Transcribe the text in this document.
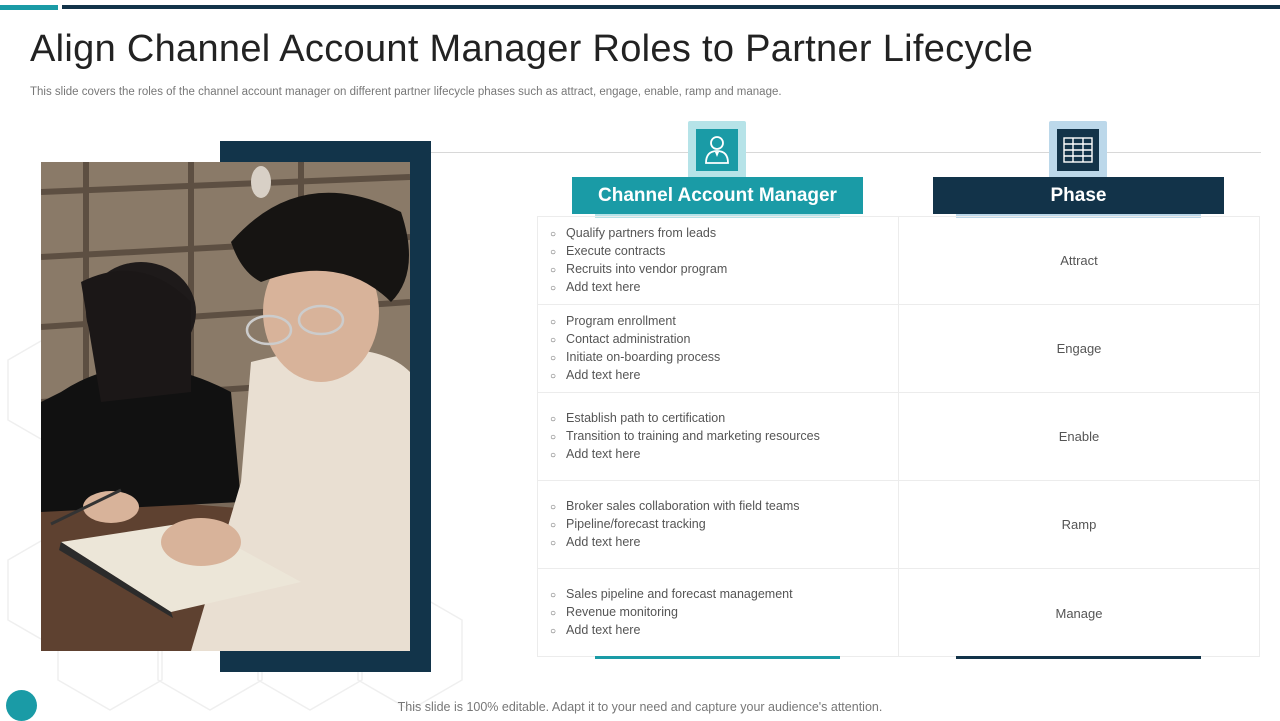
Align Channel Account Manager Roles to Partner Lifecycle
This slide covers the roles of the channel account manager on different partner lifecycle phases such as attract, engage, enable, ramp and manage.
Channel Account Manager	Phase
○ Qualify partners from leads
○ Execute contracts
○ Recruits into vendor program
○ Add text here
Attract
○ Program enrollment
○ Contact administration
○ Initiate on-boarding process
○ Add text here
Engage
○ Establish path to certification
○ Transition to training and marketing resources
○ Add text here
Enable
○ Broker sales collaboration with field teams
○ Pipeline/forecast tracking
○ Add text here
Ramp
○ Sales pipeline and forecast management
○ Revenue monitoring
○ Add text here
Manage
This slide is 100% editable. Adapt it to your need and capture your audience's attention.
